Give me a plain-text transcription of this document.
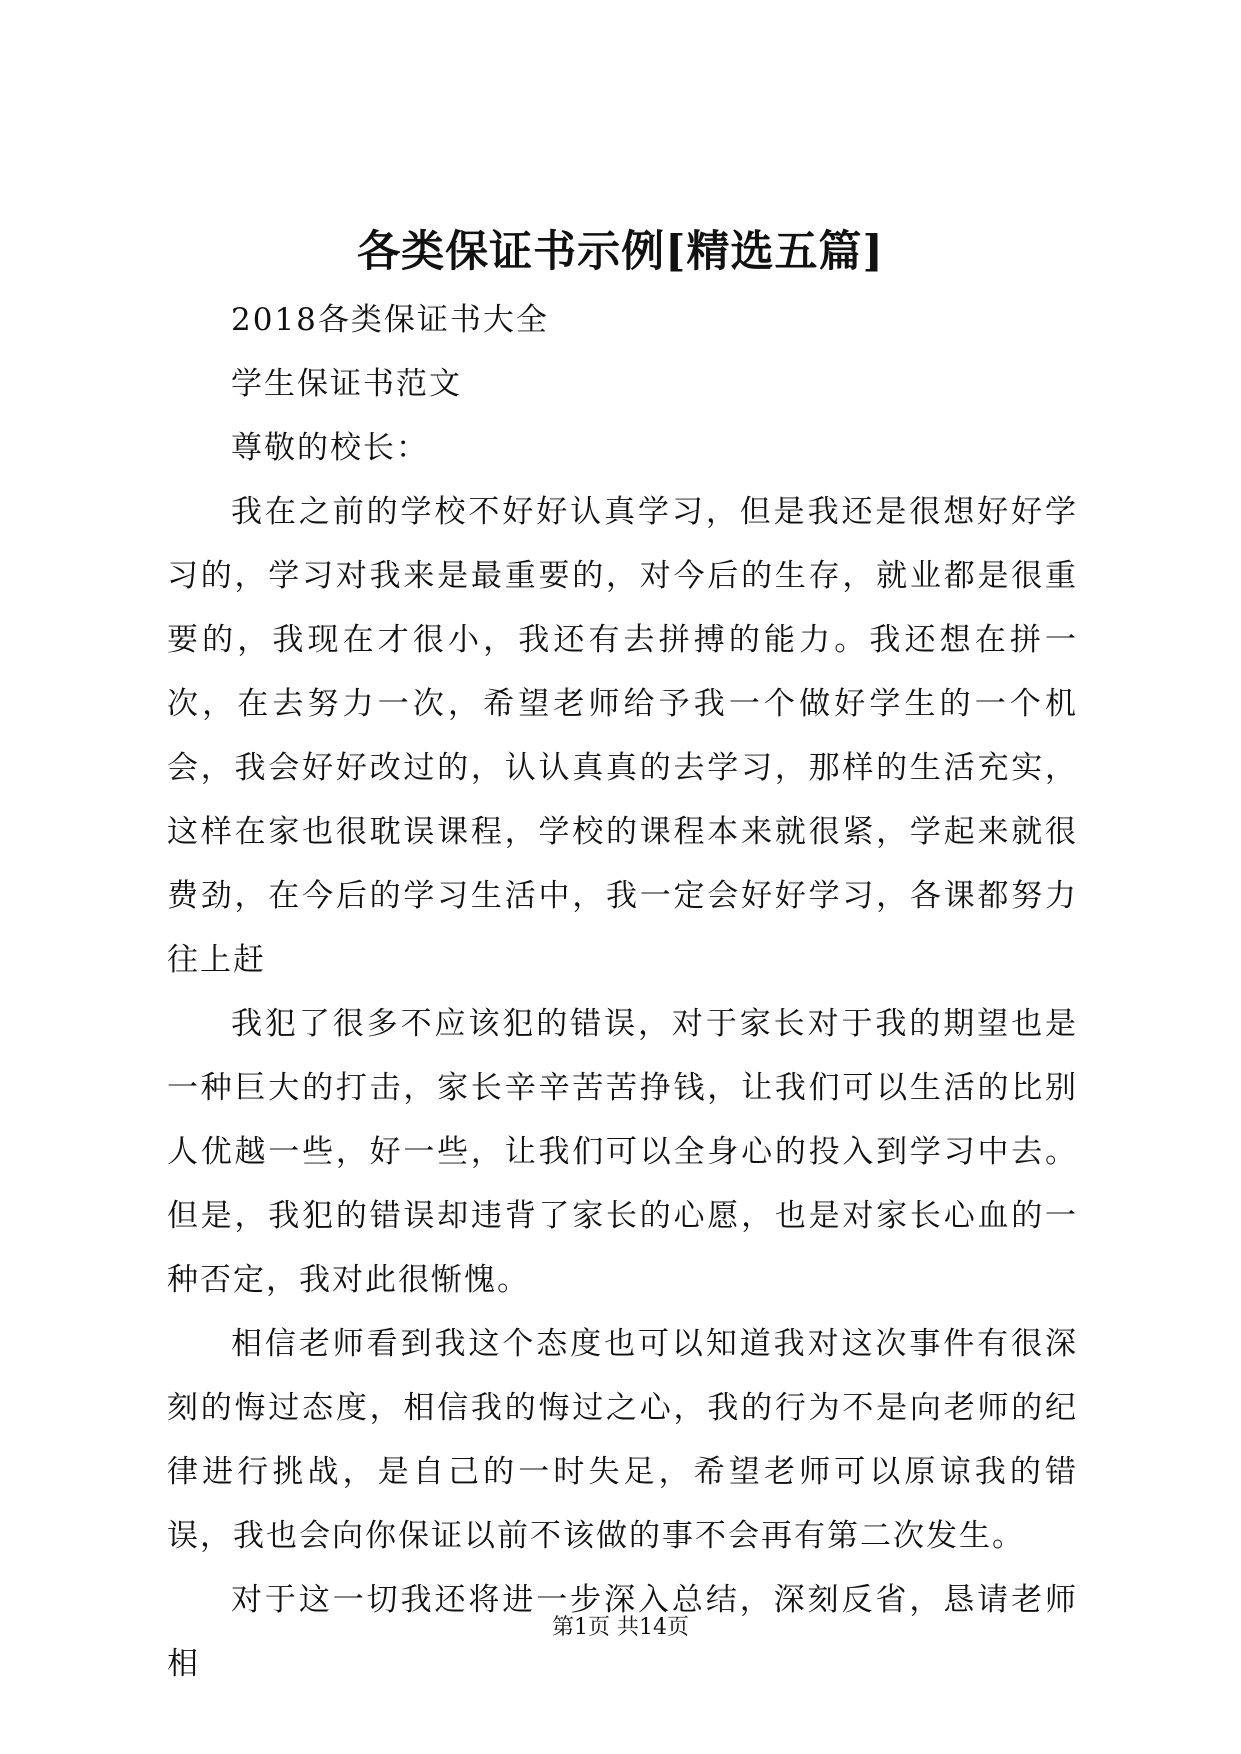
各类保证书示例[精选五篇]

2018各类保证书大全

学生保证书范文

尊敬的校长：

我在之前的学校不好好认真学习，但是我还是很想好好学习的，学习对我来是最重要的，对今后的生存，就业都是很重要的，我现在才很小，我还有去拼搏的能力。我还想在拼一次，在去努力一次，希望老师给予我一个做好学生的一个机会，我会好好改过的，认认真真的去学习，那样的生活充实，这样在家也很耽误课程，学校的课程本来就很紧，学起来就很费劲，在今后的学习生活中，我一定会好好学习，各课都努力往上赶

我犯了很多不应该犯的错误，对于家长对于我的期望也是一种巨大的打击，家长辛辛苦苦挣钱，让我们可以生活的比别人优越一些，好一些，让我们可以全身心的投入到学习中去。但是，我犯的错误却违背了家长的心愿，也是对家长心血的一种否定，我对此很惭愧。

相信老师看到我这个态度也可以知道我对这次事件有很深刻的悔过态度，相信我的悔过之心，我的行为不是向老师的纪律进行挑战，是自己的一时失足，希望老师可以原谅我的错误，我也会向你保证以前不该做的事不会再有第二次发生。

对于这一切我还将进一步深入总结，深刻反省，恳请老师相

第1页 共14页
